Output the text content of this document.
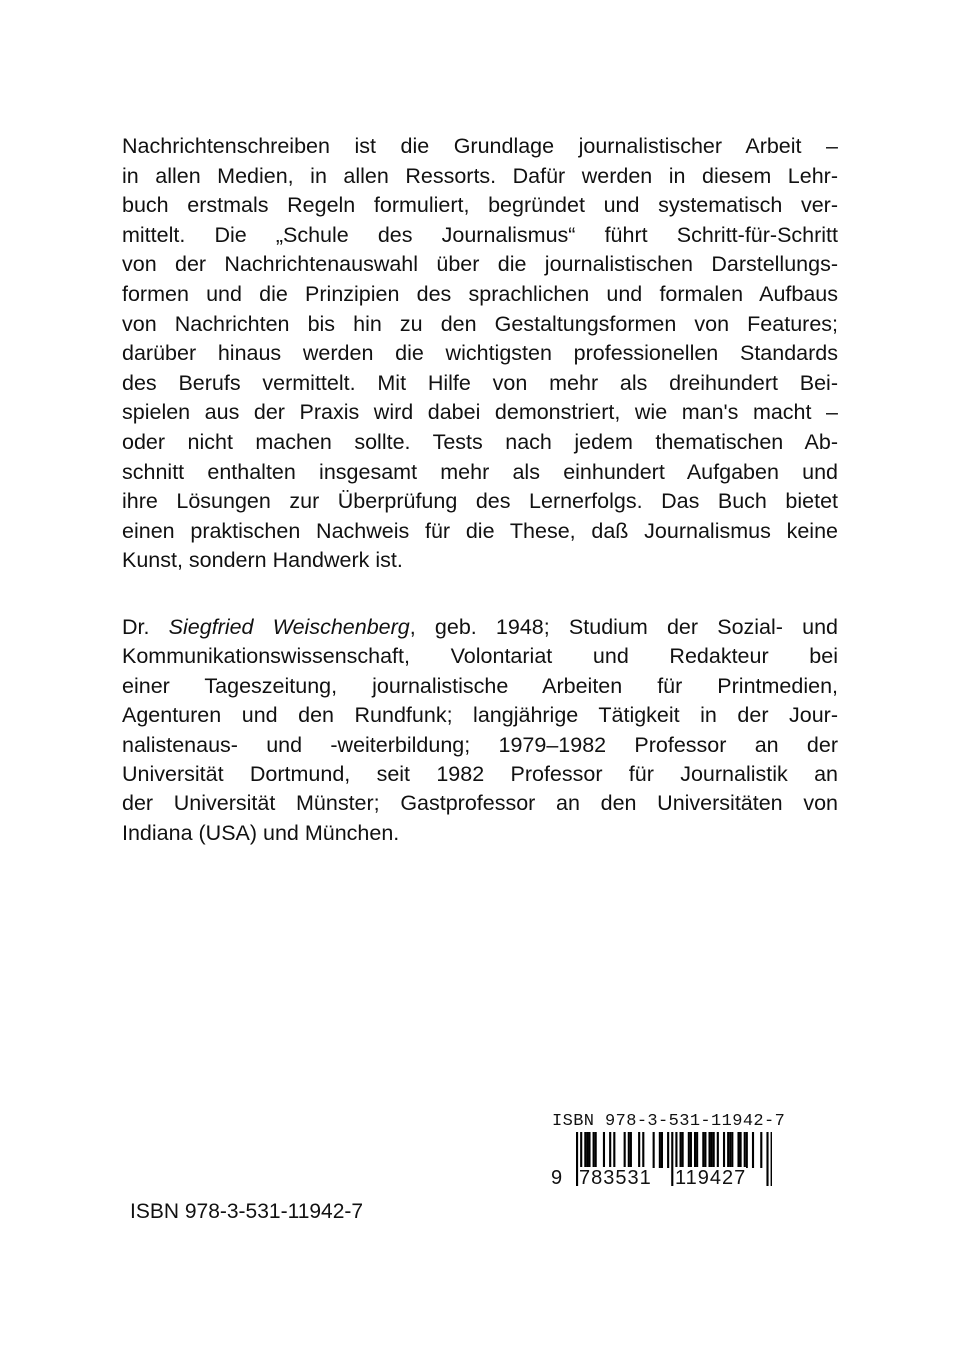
Nachrichtenschreiben ist die Grundlage journalistischer Arbeit –
in allen Medien, in allen Ressorts. Dafür werden in diesem Lehr-
buch erstmals Regeln formuliert, begründet und systematisch ver-
mittelt. Die „Schule des Journalismus“ führt Schritt-für-Schritt
von der Nachrichtenauswahl über die journalistischen Darstellungs-
formen und die Prinzipien des sprachlichen und formalen Aufbaus
von Nachrichten bis hin zu den Gestaltungsformen von Features;
darüber hinaus werden die wichtigsten professionellen Standards
des Berufs vermittelt. Mit Hilfe von mehr als dreihundert Bei-
spielen aus der Praxis wird dabei demonstriert, wie man's macht –
oder nicht machen sollte. Tests nach jedem thematischen Ab-
schnitt enthalten insgesamt mehr als einhundert Aufgaben und
ihre Lösungen zur Überprüfung des Lernerfolgs. Das Buch bietet
einen praktischen Nachweis für die These, daß Journalismus keine
Kunst, sondern Handwerk ist.
Dr. Siegfried Weischenberg, geb. 1948; Studium der Sozial- und
Kommunikationswissenschaft, Volontariat und Redakteur bei
einer Tageszeitung, journalistische Arbeiten für Printmedien,
Agenturen und den Rundfunk; langjährige Tätigkeit in der Jour-
nalistenaus- und -weiterbildung; 1979–1982 Professor an der
Universität Dortmund, seit 1982 Professor für Journalistik an
der Universität Münster; Gastprofessor an den Universitäten von
Indiana (USA) und München.
ISBN 978-3-531-11942-7
9 783531 119427
ISBN 978-3-531-11942-7
